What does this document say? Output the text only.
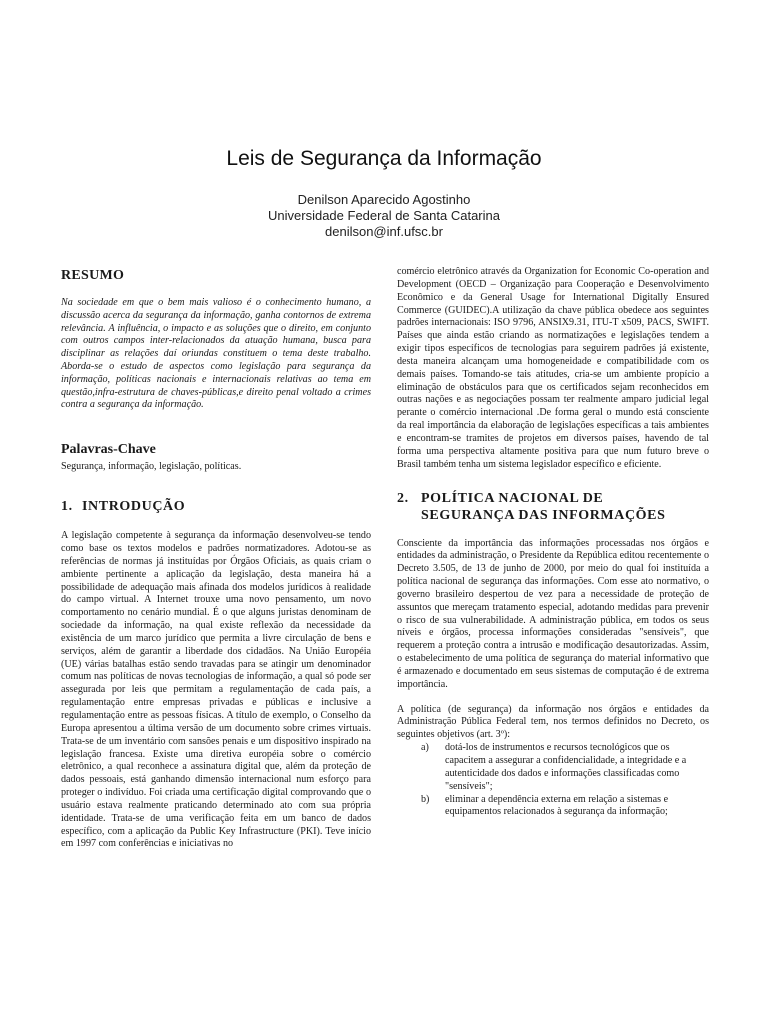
Leis de Segurança da Informação
Denilson Aparecido Agostinho
Universidade Federal de Santa Catarina
denilson@inf.ufsc.br
RESUMO

Na sociedade em que o bem mais valioso é o conhecimento humano, a discussão acerca da segurança da informação, ganha contornos de extrema relevância. A influência, o impacto e as soluções que o direito, em conjunto com outros campos inter-relacionados da atuação humana, busca para disciplinar as relações daí oriundas constituem o tema deste trabalho. Aborda-se o estudo de aspectos como legislação para segurança da informação, políticas nacionais e internacionais relativas ao tema em questão,infra-estrutura de chaves-públicas,e direito penal voltado a crimes contra a segurança da informação.

Palavras-Chave

Segurança, informação, legislação, políticas.

1. INTRODUÇÃO

A legislação competente à segurança da informação desenvolveu-se tendo como base os textos modelos e padrões normatizadores. Adotou-se as referências de normas já instituídas por Órgãos Oficiais, as quais criam o ambiente pertinente a aplicação da legislação, desta maneira há a possibilidade de adequação mais afinada dos modelos jurídicos à realidade do campo virtual. A Internet trouxe uma novo pensamento, um novo comportamento no cenário mundial. É o que alguns juristas denominam de sociedade da informação, na qual existe reflexão da necessidade da existência de um marco jurídico que permita a livre circulação de bens e serviços, além de garantir a liberdade dos cidadãos. Na União Européia (UE) várias batalhas estão sendo travadas para se atingir um denominador comum nas políticas de novas tecnologias de informação, a qual só pode ser assegurada por leis que permitam a regulamentação de cada país, a regulamentação entre empresas privadas e públicas e inclusive a regulamentação entre as pessoas físicas. A título de exemplo, o Conselho da Europa apresentou a última versão de um documento sobre crimes virtuais. Trata-se de um inventário com sansões penais e um dispositivo inspirado na legislação francesa. Existe uma diretiva européia sobre o comércio eletrônico, a qual reconhece a assinatura digital que, além da proteção de dados pessoais, está ganhando dimensão internacional num esforço para proteger o indivíduo. Foi criada uma certificação digital comprovando que o usuário estava realmente praticando determinado ato com sua própria identidade. Trata-se de uma verificação feita em um banco de dados específico, com a aplicação da Public Key Infrastructure (PKI). Teve início em 1997 com conferências e iniciativas no

comércio eletrônico através da Organization for Economic Co-operation and Development (OECD – Organização para Cooperação e Desenvolvimento Econômico e da General Usage for International Digitally Ensured Commerce (GUIDEC).A utilização da chave pública obedece aos seguintes padrões internacionais: ISO 9796, ANSIX9.31, ITU-T x509, PACS, SWIFT. Países que ainda estão criando as normatizações e legislações tendem a exigir tipos específicos de tecnologias para seguirem padrões já existente, desta maneira alcançam uma homogeneidade e compatibilidade com os demais países. Tomando-se tais atitudes, cria-se um ambiente propício a eliminação de obstáculos para que os certificados sejam reconhecidos em outras nações e as negociações possam ter realmente amparo judicial legal perante o comércio internacional .De forma geral o mundo está consciente da real importância da elaboração de legislações específicas a tais ambientes e encontram-se tramites de projetos em diversos países, havendo de tal forma uma perspectiva altamente positiva para que num futuro breve o Brasil também tenha um sistema legislador específico e eficiente.

2. POLÍTICA NACIONAL DE
SEGURANÇA DAS INFORMAÇÕES

Consciente da importância das informações processadas nos órgãos e entidades da administração, o Presidente da República editou recentemente o Decreto 3.505, de 13 de junho de 2000, por meio do qual foi instituída a política nacional de segurança das informações. Com esse ato normativo, o governo brasileiro despertou de vez para a necessidade de proteção de assuntos que mereçam tratamento especial, adotando medidas para prevenir o risco de sua vulnerabilidade. A administração pública, em todos os seus níveis e órgãos, processa informações consideradas "sensíveis", que requerem a proteção contra a intrusão e modificação desautorizadas. Assim, o estabelecimento de uma política de segurança do material informativo que é armazenado e documentado em seus sistemas de computação é de extrema importância.

A política (de segurança) da informação nos órgãos e entidades da Administração Pública Federal tem, nos termos definidos no Decreto, os seguintes objetivos (art. 3º):

a)	dotá-los de instrumentos e recursos tecnológicos que os capacitem a assegurar a confidencialidade, a integridade e a autenticidade dos dados e informações classificadas como "sensíveis";
b)	eliminar a dependência externa em relação a sistemas e equipamentos relacionados à segurança da informação;
